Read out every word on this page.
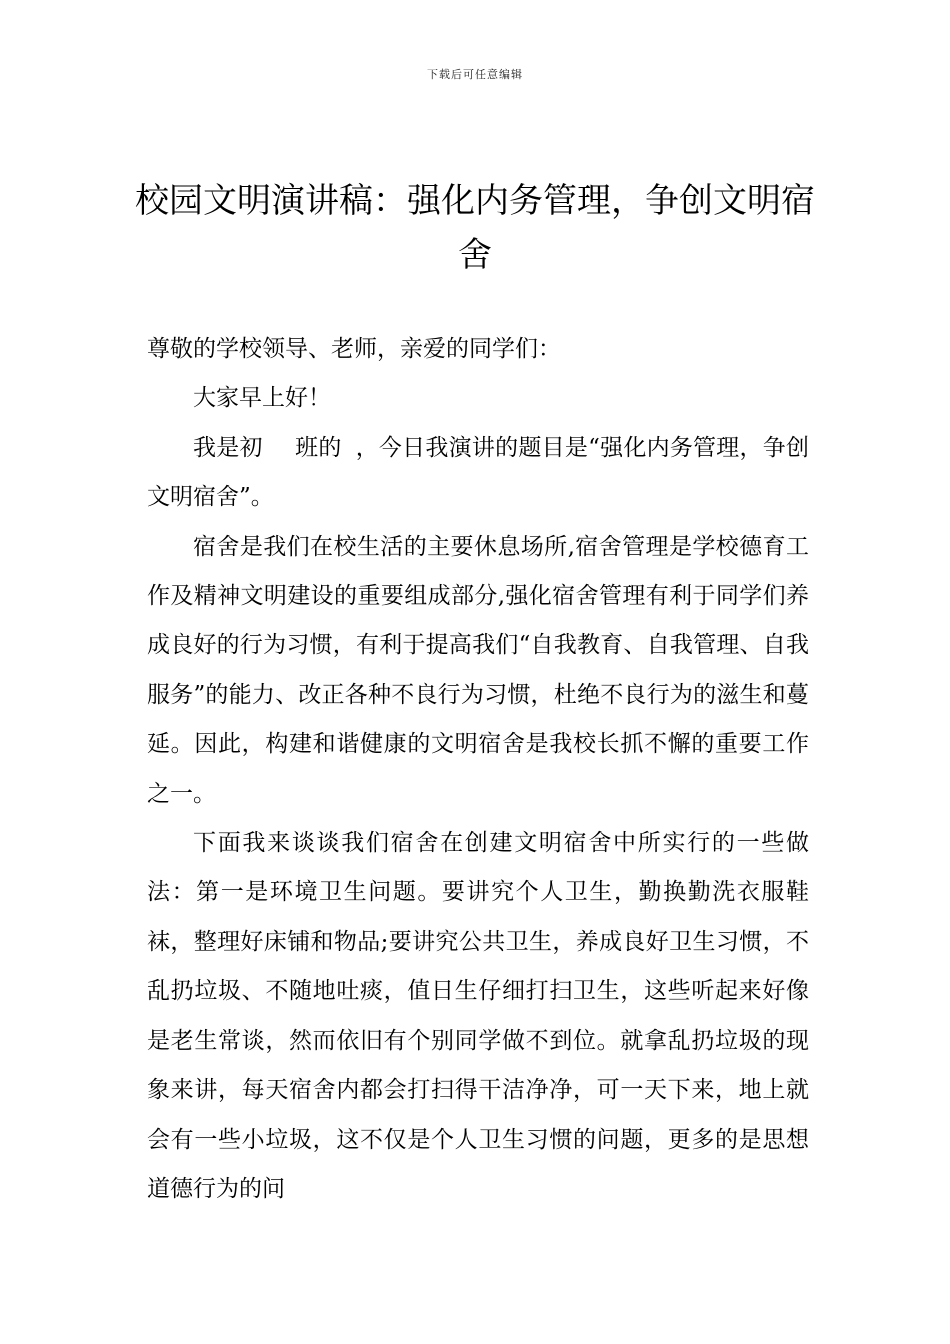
下载后可任意编辑
校园文明演讲稿：强化内务管理，争创文明宿舍

尊敬的学校领导、老师，亲爱的同学们：

大家早上好！

我是初 班的 ，今日我演讲的题目是“强化内务管理，争创文明宿舍”。

宿舍是我们在校生活的主要休息场所,宿舍管理是学校德育工作及精神文明建设的重要组成部分,强化宿舍管理有利于同学们养成良好的行为习惯，有利于提高我们“自我教育、自我管理、自我服务”的能力、改正各种不良行为习惯，杜绝不良行为的滋生和蔓延。因此，构建和谐健康的文明宿舍是我校长抓不懈的重要工作之一。

下面我来谈谈我们宿舍在创建文明宿舍中所实行的一些做法：第一是环境卫生问题。要讲究个人卫生，勤换勤洗衣服鞋袜，整理好床铺和物品;要讲究公共卫生，养成良好卫生习惯，不乱扔垃圾、不随地吐痰，值日生仔细打扫卫生，这些听起来好像是老生常谈，然而依旧有个别同学做不到位。就拿乱扔垃圾的现象来讲，每天宿舍内都会打扫得干洁净净，可一天下来，地上就会有一些小垃圾，这不仅是个人卫生习惯的问题，更多的是思想道德行为的问
